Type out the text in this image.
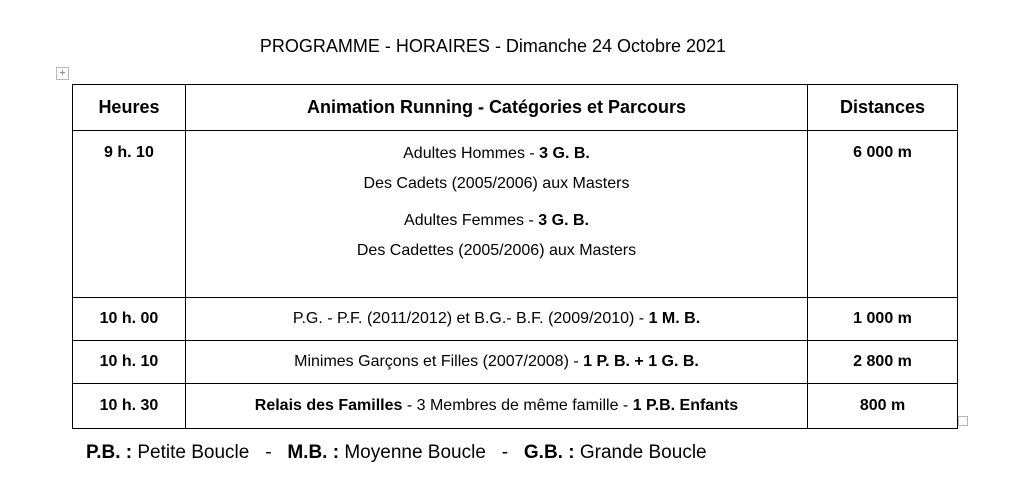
PROGRAMME - HORAIRES - Dimanche 24 Octobre 2021
+
Heures	Animation Running - Catégories et Parcours	Distances
9 h. 10	Adultes Hommes - 3 G. B.
Des Cadets (2005/2006) aux Masters
Adultes Femmes - 3 G. B.
Des Cadettes (2005/2006) aux Masters	6 000 m
10 h. 00	P.G. - P.F. (2011/2012) et B.G.- B.F. (2009/2010) - 1 M. B.	1 000 m
10 h. 10	Minimes Garçons et Filles (2007/2008) - 1 P. B. + 1 G. B.	2 800 m
10 h. 30	Relais des Familles - 3 Membres de même famille - 1 P.B. Enfants	800 m
P.B. : Petite Boucle   -   M.B. : Moyenne Boucle   -   G.B. : Grande Boucle
